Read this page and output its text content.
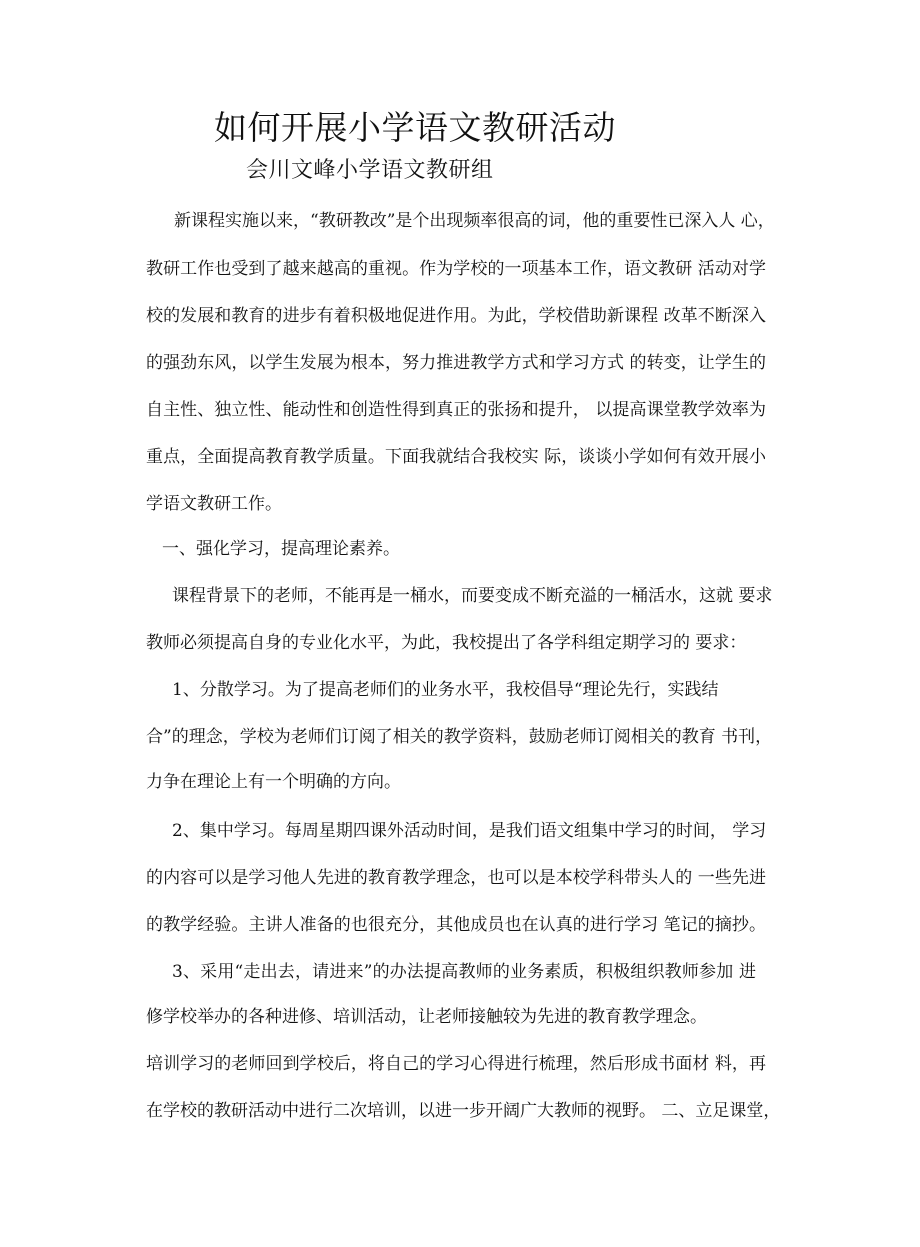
如何开展小学语文教研活动
会川文峰小学语文教研组
新课程实施以来，“教研教改”是个出现频率很高的词，他的重要性已深入人 心，
教研工作也受到了越来越高的重视。作为学校的一项基本工作，语文教研 活动对学
校的发展和教育的进步有着积极地促进作用。为此，学校借助新课程 改革不断深入
的强劲东风，以学生发展为根本，努力推进教学方式和学习方式 的转变，让学生的
自主性、独立性、能动性和创造性得到真正的张扬和提升， 以提高课堂教学效率为
重点，全面提高教育教学质量。下面我就结合我校实 际，谈谈小学如何有效开展小
学语文教研工作。
一、强化学习，提高理论素养。
课程背景下的老师，不能再是一桶水，而要变成不断充溢的一桶活水，这就 要求
教师必须提高自身的专业化水平，为此，我校提出了各学科组定期学习的 要求：
1、分散学习。为了提高老师们的业务水平，我校倡导“理论先行，实践结
合”的理念，学校为老师们订阅了相关的教学资料，鼓励老师订阅相关的教育 书刊，
力争在理论上有一个明确的方向。
2、集中学习。每周星期四课外活动时间，是我们语文组集中学习的时间， 学习
的内容可以是学习他人先进的教育教学理念，也可以是本校学科带头人的 一些先进
的教学经验。主讲人准备的也很充分，其他成员也在认真的进行学习 笔记的摘抄。
3、采用“走出去，请进来”的办法提高教师的业务素质，积极组织教师参加 进
修学校举办的各种进修、培训活动，让老师接触较为先进的教育教学理念。
培训学习的老师回到学校后，将自己的学习心得进行梳理，然后形成书面材 料，再
在学校的教研活动中进行二次培训，以进一步开阔广大教师的视野。 二、立足课堂，
